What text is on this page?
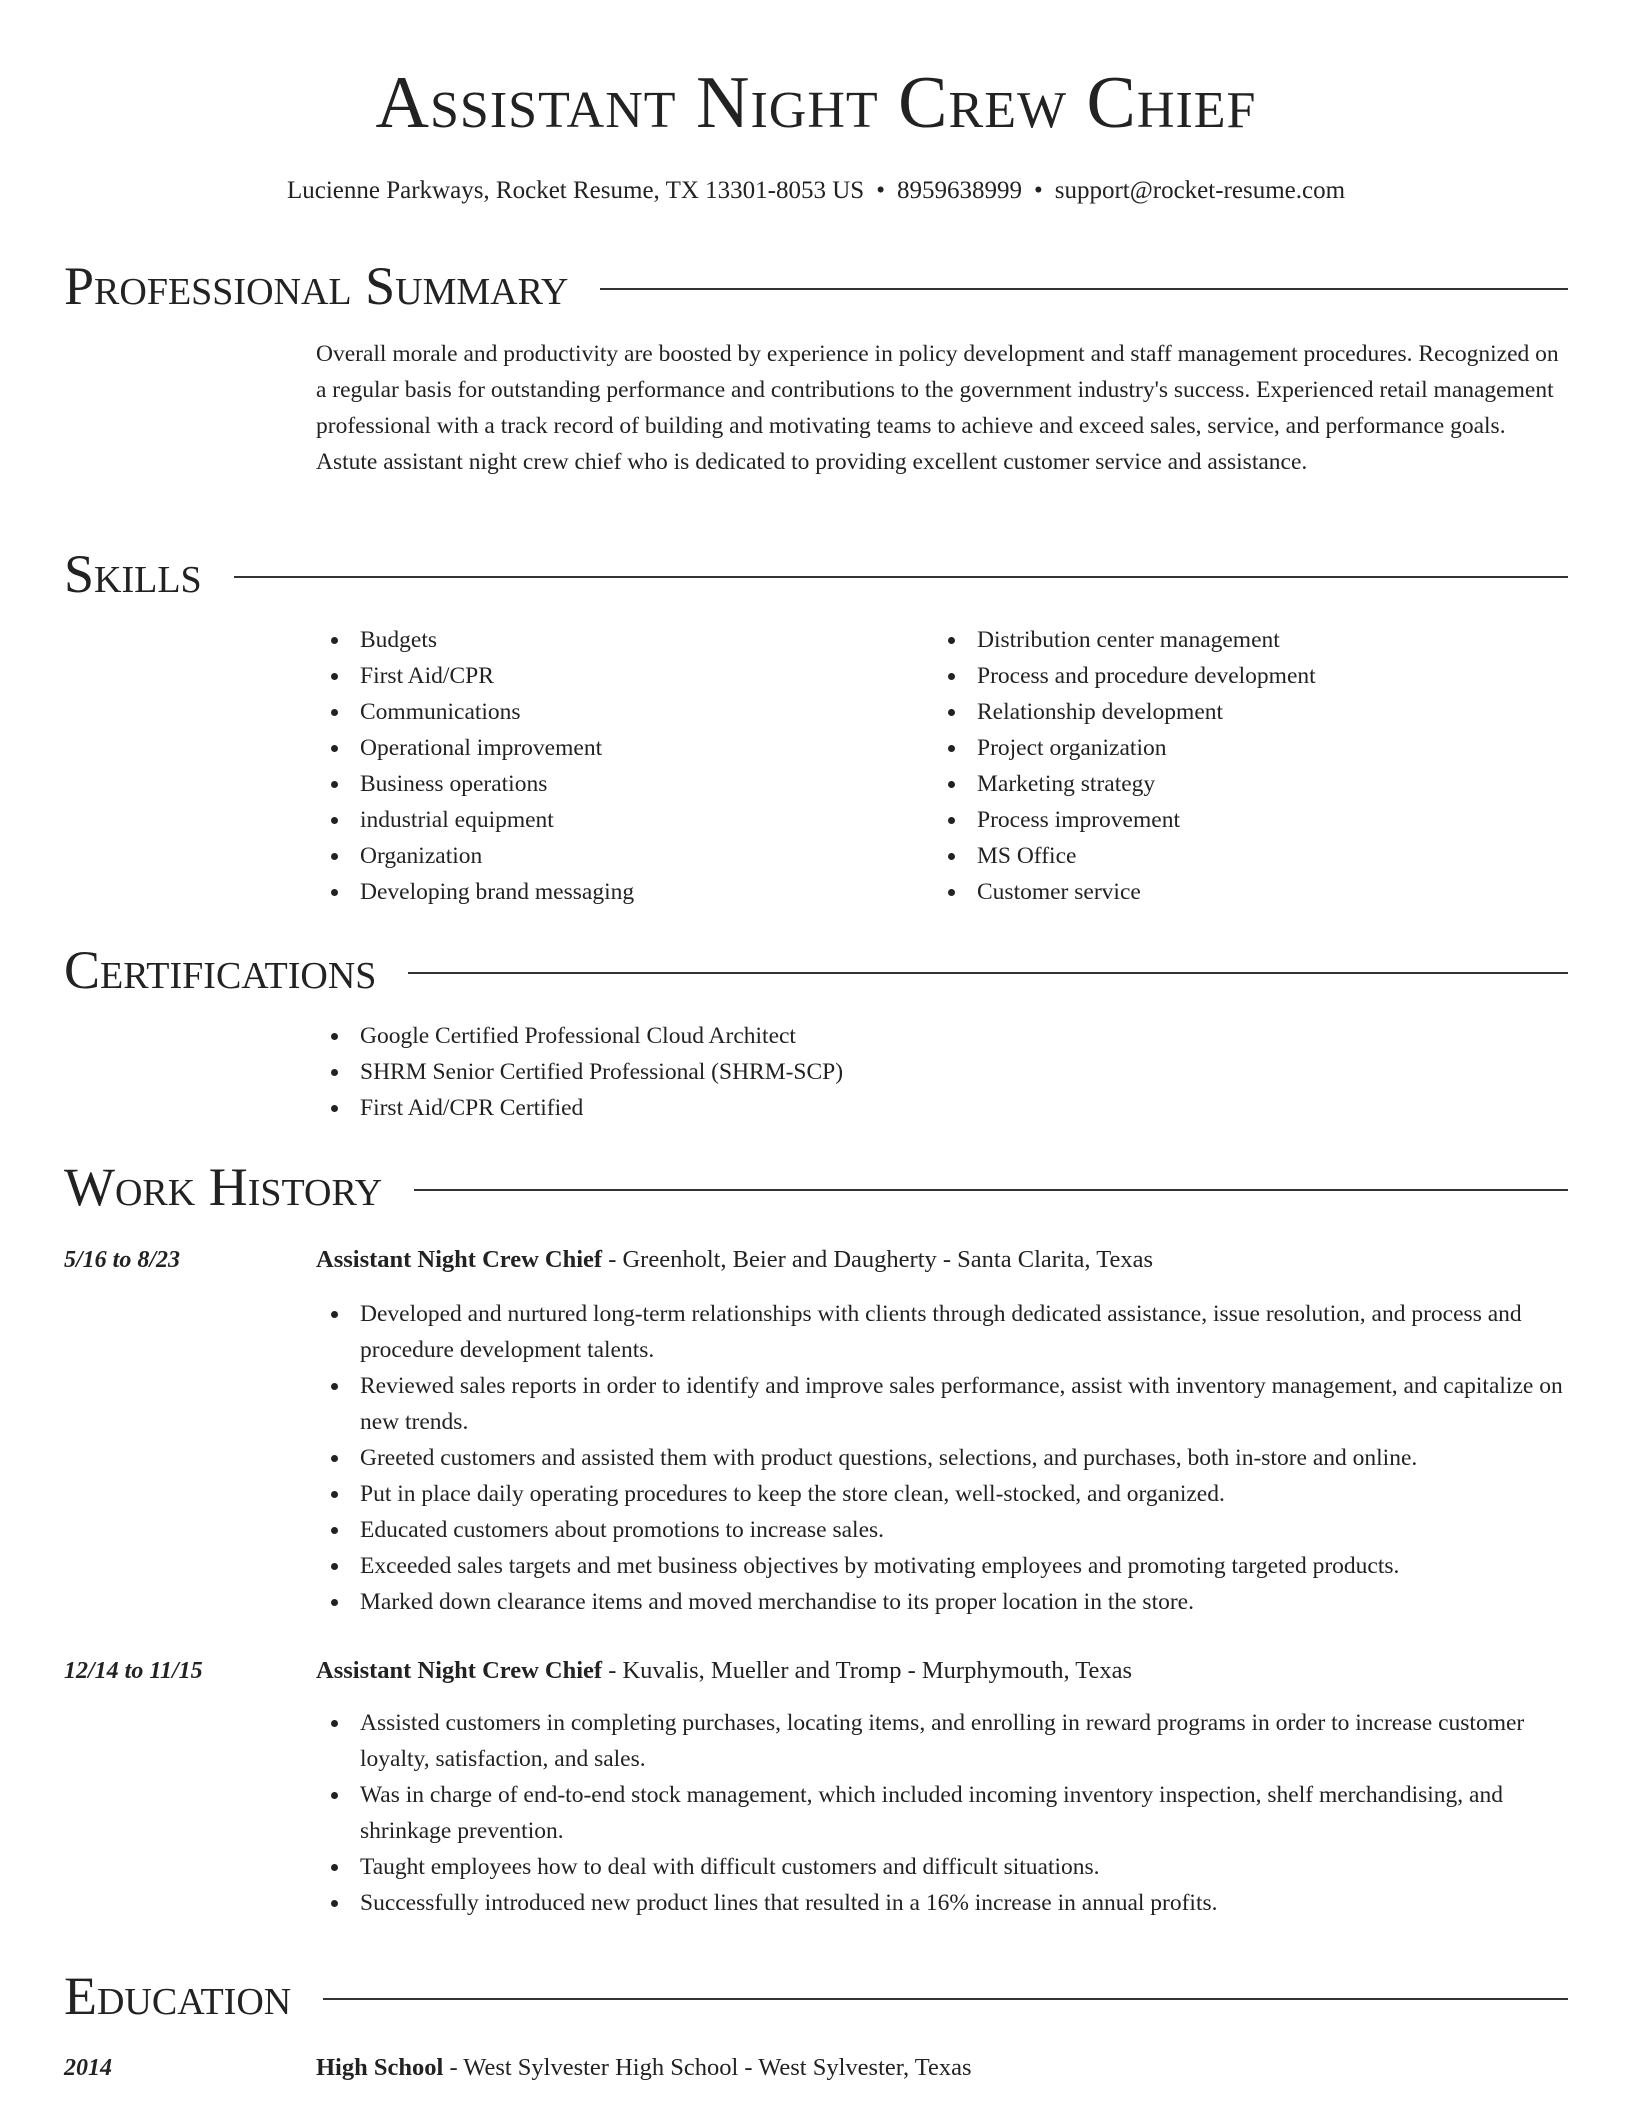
Assistant Night Crew Chief
Lucienne Parkways, Rocket Resume, TX 13301-8053 US • 8959638999 • support@rocket-resume.com
Professional Summary

Overall morale and productivity are boosted by experience in policy development and staff management procedures. Recognized on a regular basis for outstanding performance and contributions to the government industry's success. Experienced retail management professional with a track record of building and motivating teams to achieve and exceed sales, service, and performance goals. Astute assistant night crew chief who is dedicated to providing excellent customer service and assistance.

Skills
Budgets
First Aid/CPR
Communications
Operational improvement
Business operations
industrial equipment
Organization
Developing brand messaging
Distribution center management
Process and procedure development
Relationship development
Project organization
Marketing strategy
Process improvement
MS Office
Customer service
Certifications
Google Certified Professional Cloud Architect
SHRM Senior Certified Professional (SHRM-SCP)
First Aid/CPR Certified
Work History
5/16 to 8/23	Assistant Night Crew Chief - Greenholt, Beier and Daugherty - Santa Clarita, Texas
Developed and nurtured long-term relationships with clients through dedicated assistance, issue resolution, and process and procedure development talents.
Reviewed sales reports in order to identify and improve sales performance, assist with inventory management, and capitalize on new trends.
Greeted customers and assisted them with product questions, selections, and purchases, both in-store and online.
Put in place daily operating procedures to keep the store clean, well-stocked, and organized.
Educated customers about promotions to increase sales.
Exceeded sales targets and met business objectives by motivating employees and promoting targeted products.
Marked down clearance items and moved merchandise to its proper location in the store.
12/14 to 11/15	Assistant Night Crew Chief - Kuvalis, Mueller and Tromp - Murphymouth, Texas
Assisted customers in completing purchases, locating items, and enrolling in reward programs in order to increase customer loyalty, satisfaction, and sales.
Was in charge of end-to-end stock management, which included incoming inventory inspection, shelf merchandising, and shrinkage prevention.
Taught employees how to deal with difficult customers and difficult situations.
Successfully introduced new product lines that resulted in a 16% increase in annual profits.
Education
2014	High School - West Sylvester High School - West Sylvester, Texas
